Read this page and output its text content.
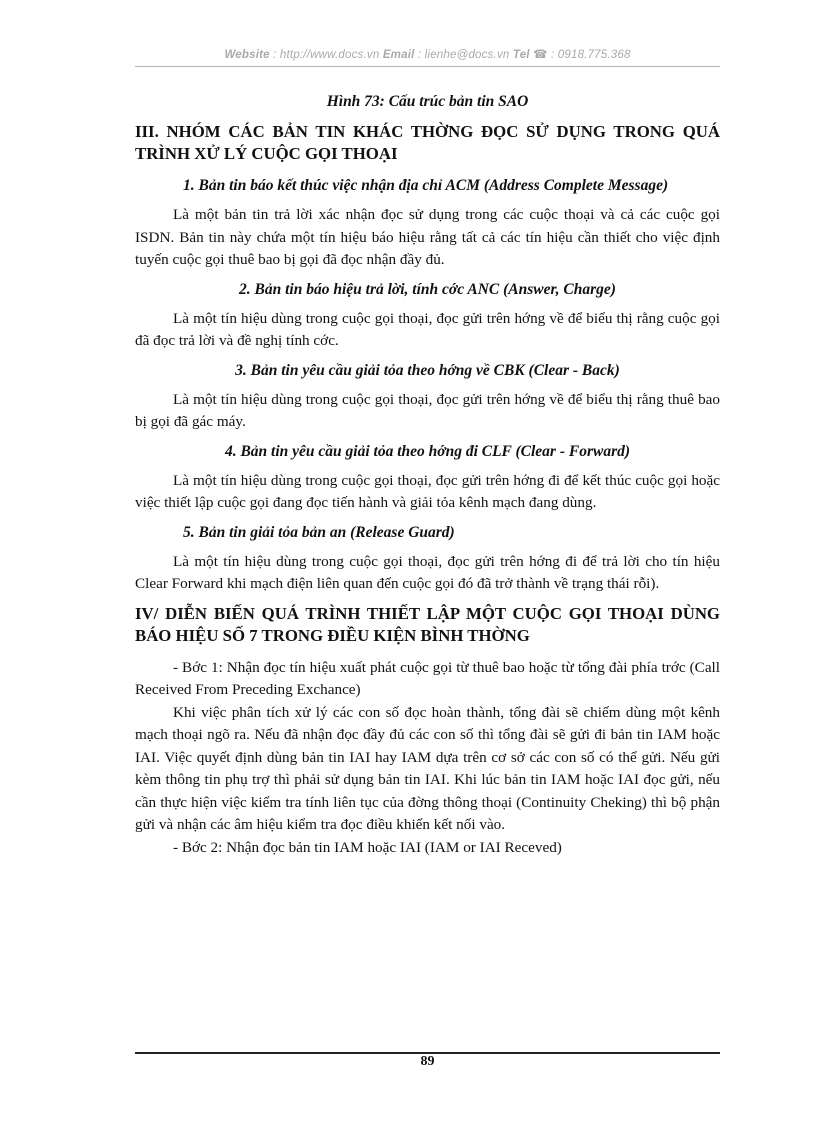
Website : http://www.docs.vn Email : lienhe@docs.vn Tel ☎ : 0918.775.368
Hình 73: Cấu trúc bản tin SAO
III. NHÓM CÁC BẢN TIN KHÁC THỜNG ĐỌC SỬ DỤNG TRONG QUÁ TRÌNH XỬ LÝ CUỘC GỌI THOẠI
1. Bản tin báo kết thúc việc nhận địa chỉ ACM (Address Complete Message)

Là một bản tin trả lời xác nhận đọc sử dụng trong các cuộc thoại và cả các cuộc gọi ISDN. Bản tin này chứa một tín hiệu báo hiệu rằng tất cả các tín hiệu cần thiết cho việc định tuyến cuộc gọi thuê bao bị gọi đã đọc nhận đầy đủ.

2. Bản tin báo hiệu trả lời, tính cớc ANC (Answer, Charge)

Là một tín hiệu dùng trong cuộc gọi thoại, đọc gửi trên hớng về để biểu thị rằng cuộc gọi đã đọc trả lời và đề nghị tính cớc.

3. Bản tin yêu cầu giải tỏa theo hớng về CBK (Clear - Back)

Là một tín hiệu dùng trong cuộc gọi thoại, đọc gửi trên hớng về để biểu thị rằng thuê bao bị gọi đã gác máy.

4. Bản tin yêu cầu giải tỏa theo hớng đi CLF (Clear - Forward)

Là một tín hiệu dùng trong cuộc gọi thoại, đọc gửi trên hớng đi để kết thúc cuộc gọi hoặc việc thiết lập cuộc gọi đang đọc tiến hành và giải tỏa kênh mạch đang dùng.

5. Bản tin giải tỏa bản an (Release Guard)

Là một tín hiệu dùng trong cuộc gọi thoại, đọc gửi trên hớng đi để trả lời cho tín hiệu Clear Forward khi mạch điện liên quan đến cuộc gọi đó đã trở thành về trạng thái rỗi).

IV/ DIỄN BIẾN QUÁ TRÌNH THIẾT LẬP MỘT CUỘC GỌI THOẠI DÙNG BÁO HIỆU SỐ 7 TRONG ĐIỀU KIỆN BÌNH THỜNG

- Bớc 1: Nhận đọc tín hiệu xuất phát cuộc gọi từ thuê bao hoặc từ tổng đài phía trớc (Call Received From Preceding Exchance)

Khi việc phân tích xử lý các con số đọc hoàn thành, tổng đài sẽ chiếm dùng một kênh mạch thoại ngõ ra. Nếu đã nhận đọc đầy đủ các con số thì tổng đài sẽ gửi đi bản tin IAM hoặc IAI. Việc quyết định dùng bản tin IAI hay IAM dựa trên cơ sở các con số có thể gửi. Nếu gửi kèm thông tin phụ trợ thì phải sử dụng bản tin IAI. Khi lúc bản tin IAM hoặc IAI đọc gửi, nếu cần thực hiện việc kiểm tra tính liên tục của đờng thông thoại (Continuity Cheking) thì bộ phận gửi và nhận các âm hiệu kiểm tra đọc điều khiển kết nối vào.

- Bớc 2: Nhận đọc bản tin IAM hoặc IAI (IAM or IAI Receved)

89
